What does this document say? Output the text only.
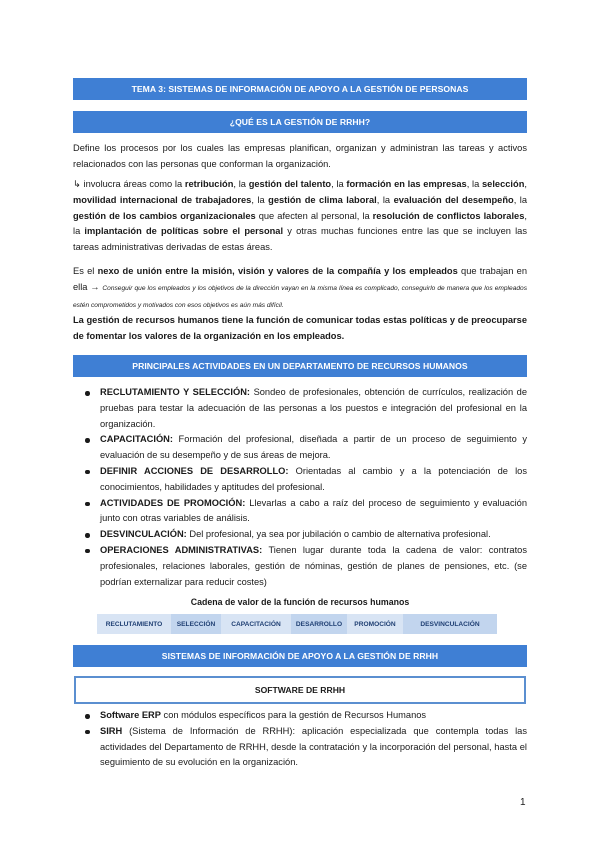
TEMA 3: SISTEMAS DE INFORMACIÓN DE APOYO A LA GESTIÓN DE PERSONAS
¿QUÉ ES LA GESTIÓN DE RRHH?

Define los procesos por los cuales las empresas planifican, organizan y administran las tareas y activos relacionados con las personas que conforman la organización.

↳ involucra áreas como la retribución, la gestión del talento, la formación en las empresas, la selección, movilidad internacional de trabajadores, la gestión de clima laboral, la evaluación del desempeño, la gestión de los cambios organizacionales que afecten al personal, la resolución de conflictos laborales, la implantación de políticas sobre el personal y otras muchas funciones entre las que se incluyen las tareas administrativas derivadas de estas áreas.

Es el nexo de unión entre la misión, visión y valores de la compañía y los empleados que trabajan en ella → Conseguir que los empleados y los objetivos de la dirección vayan en la misma línea es complicado, conseguirlo de manera que los empleados estén comprometidos y motivados con esos objetivos es aún más difícil.

La gestión de recursos humanos tiene la función de comunicar todas estas políticas y de preocuparse de fomentar los valores de la organización en los empleados.

PRINCIPALES ACTIVIDADES EN UN DEPARTAMENTO DE RECURSOS HUMANOS
RECLUTAMIENTO Y SELECCIÓN: Sondeo de profesionales, obtención de currículos, realización de pruebas para testar la adecuación de las personas a los puestos e integración del profesional en la organización.
CAPACITACIÓN: Formación del profesional, diseñada a partir de un proceso de seguimiento y evaluación de su desempeño y de sus áreas de mejora.
DEFINIR ACCIONES DE DESARROLLO: Orientadas al cambio y a la potenciación de los conocimientos, habilidades y aptitudes del profesional.
ACTIVIDADES DE PROMOCIÓN: Llevarlas a cabo a raíz del proceso de seguimiento y evaluación junto con otras variables de análisis.
DESVINCULACIÓN: Del profesional, ya sea por jubilación o cambio de alternativa profesional.
OPERACIONES ADMINISTRATIVAS: Tienen lugar durante toda la cadena de valor: contratos profesionales, relaciones laborales, gestión de nóminas, gestión de planes de pensiones, etc. (se podrían externalizar para reducir costes)
Cadena de valor de la función de recursos humanos
RECLUTAMIENTO	SELECCIÓN	CAPACITACIÓN	DESARROLLO	PROMOCIÓN	DESVINCULACIÓN
SISTEMAS DE INFORMACIÓN DE APOYO A LA GESTIÓN DE RRHH
SOFTWARE DE RRHH
Software ERP con módulos específicos para la gestión de Recursos Humanos
SIRH (Sistema de Información de RRHH): aplicación especializada que contempla todas las actividades del Departamento de RRHH, desde la contratación y la incorporación del personal, hasta el seguimiento de su evolución en la organización.
1
